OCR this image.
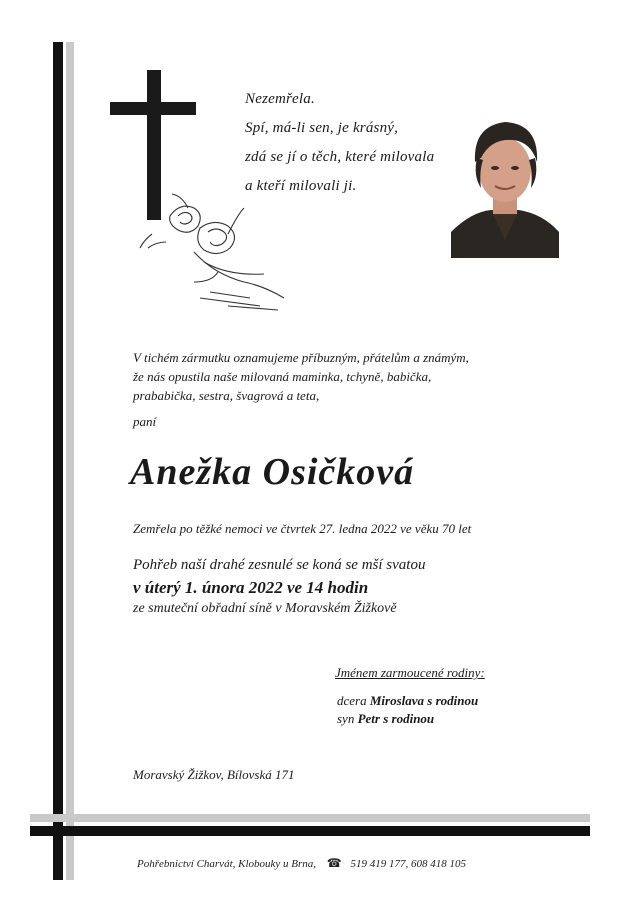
Nezemřela.
Spí, má-li sen, je krásný,
zdá se jí o těch, které milovala
a kteří milovali ji.
V tichém zármutku oznamujeme příbuzným, přátelům a známým,
že nás opustila naše milovaná maminka, tchyně, babička,
prababička, sestra, švagrová a teta,
paní
Anežka Osičková
Zemřela po těžké nemoci ve čtvrtek 27. ledna 2022 ve věku 70 let
Pohřeb naší drahé zesnulé se koná se mší svatou
v úterý 1. února 2022 ve 14 hodin
ze smuteční obřadní síně v Moravském Žižkově
Jménem zarmoucené rodiny:
dcera Miroslava s rodinou
syn Petr s rodinou
Moravský Žižkov, Bílovská 171
Pohřebnictví Charvát, Klobouky u Brna, ☎ 519 419 177, 608 418 105
